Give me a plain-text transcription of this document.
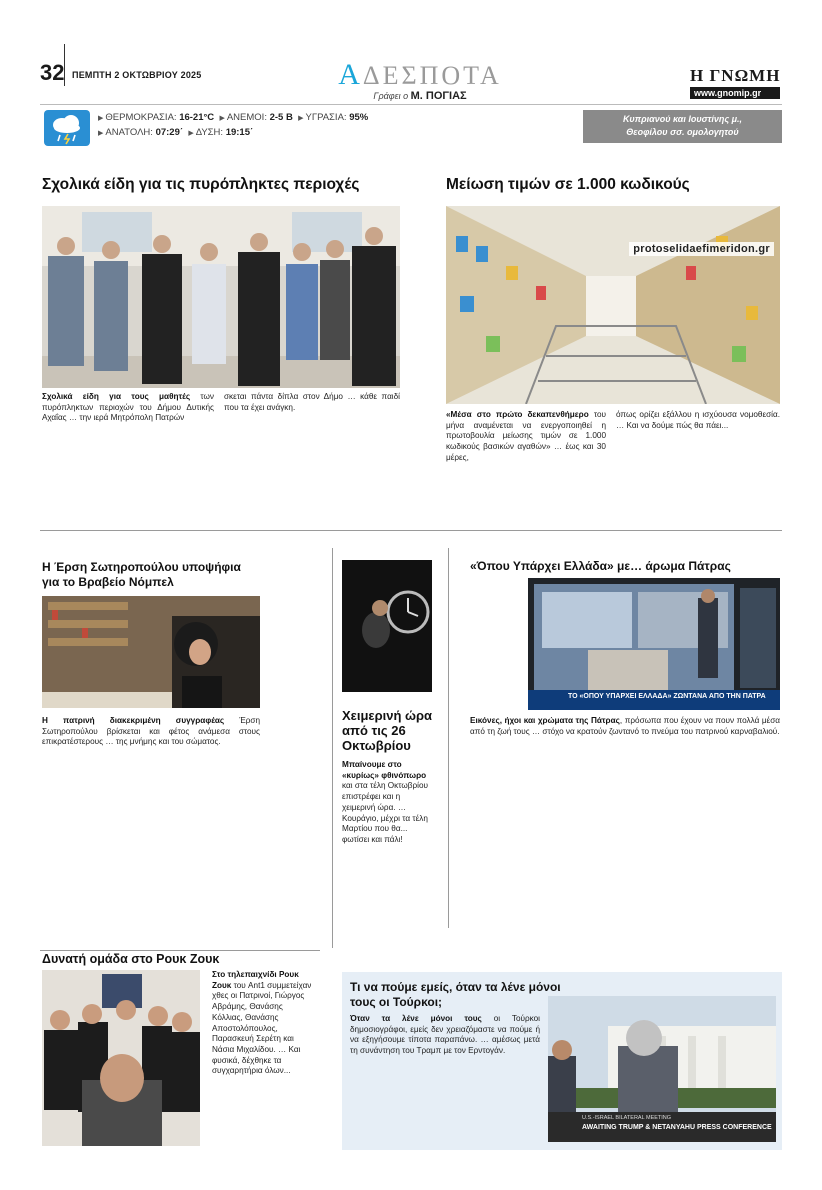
32 ΠΕΜΠΤΗ 2 ΟΚΤΩΒΡΙΟΥ 2025	ΑΔΕΣΠΟΤΑ
Γράφει ο Μ. ΠΟΓΙΑΣ
Η ΓΝΩΜΗ
www.gnomip.gr
▶ ΘΕΡΜΟΚΡΑΣΙΑ: 16-21°C ▶ ΑΝΕΜΟΙ: 2-5 Β ▶ ΥΓΡΑΣΙΑ: 95%
▶ ΑΝΑΤΟΛΗ: 07:29΄ ▶ ΔΥΣΗ: 19:15΄
Κυπριανού και Ιουστίνης μ.,
Θεοφίλου σσ. ομολογητού
Σχολικά είδη για τις πυρόπληκτες περιοχές

Σχολικά είδη για τους μαθητές των πυρόπληκτων περιοχών του Δήμου Δυτικής Αχαΐας … την ιερά Μητρόπολη Πατρών

σκεται πάντα δίπλα στον Δήμο … κάθε παιδί που τα έχει ανάγκη.

Μείωση τιμών σε 1.000 κωδικούς
protoselidaefimeridon.gr

«Μέσα στο πρώτο δεκαπενθήμερο του μήνα αναμένεται να ενεργοποιηθεί η πρωτοβουλία μείωσης τιμών σε 1.000 κωδικούς βασικών αγαθών» … έως και 30 μέρες,

όπως ορίζει εξάλλου η ισχύουσα νομοθεσία. … Και να δούμε πώς θα πάει...

Η Έρση Σωτηροπούλου υποψήφια
για το Βραβείο Νόμπελ

Η πατρινή διακεκριμένη συγγραφέας Έρση Σωτηροπούλου βρίσκεται και φέτος ανάμεσα στους επικρατέστερους … της μνήμης και του σώματος.

Χειμερινή ώρα
από τις 26
Οκτωβρίου

Μπαίνουμε στο «κυρίως» φθινόπωρο και στα τέλη Οκτωβρίου επιστρέφει και η χειμερινή ώρα. … Κουράγιο, μέχρι τα τέλη Μαρτίου που θα... φωτίσει και πάλι!

«Όπου Υπάρχει Ελλάδα» με… άρωμα Πάτρας
ΤΟ «ΟΠΟΥ ΥΠΑΡΧΕΙ ΕΛΛΑΔΑ» ΖΩΝΤΑΝΑ ΑΠΟ ΤΗΝ ΠΑΤΡΑ

Εικόνες, ήχοι και χρώματα της Πάτρας, πρόσωπα που έχουν να πουν πολλά μέσα από τη ζωή τους … στόχο να κρατούν ζωντανό το πνεύμα του πατρινού καρναβαλιού.

Δυνατή ομάδα στο Ρουκ Ζουκ

Στο τηλεπαιχνίδι Ρουκ Ζουκ του Ant1 συμμετείχαν χθες οι Πατρινοί, Γιώργος Αβράμης, Θανάσης Κόλλιας, Θανάσης Αποστολόπουλος, Παρασκευή Σερέτη και Νάσια Μιχαλίδου. … Και φυσικά, δέχθηκε τα συγχαρητήρια όλων...

Τι να πούμε εμείς, όταν τα λένε μόνοι
τους οι Τούρκοι;

Όταν τα λένε μόνοι τους οι Τούρκοι δημοσιογράφοι, εμείς δεν χρειαζόμαστε να πούμε ή να εξηγήσουμε τίποτα παραπάνω. … αμέσως μετά τη συνάντηση του Τραμπ με τον Ερντογάν.

U.S.-ISRAEL BILATERAL MEETING
AWAITING TRUMP & NETANYAHU PRESS CONFERENCE
